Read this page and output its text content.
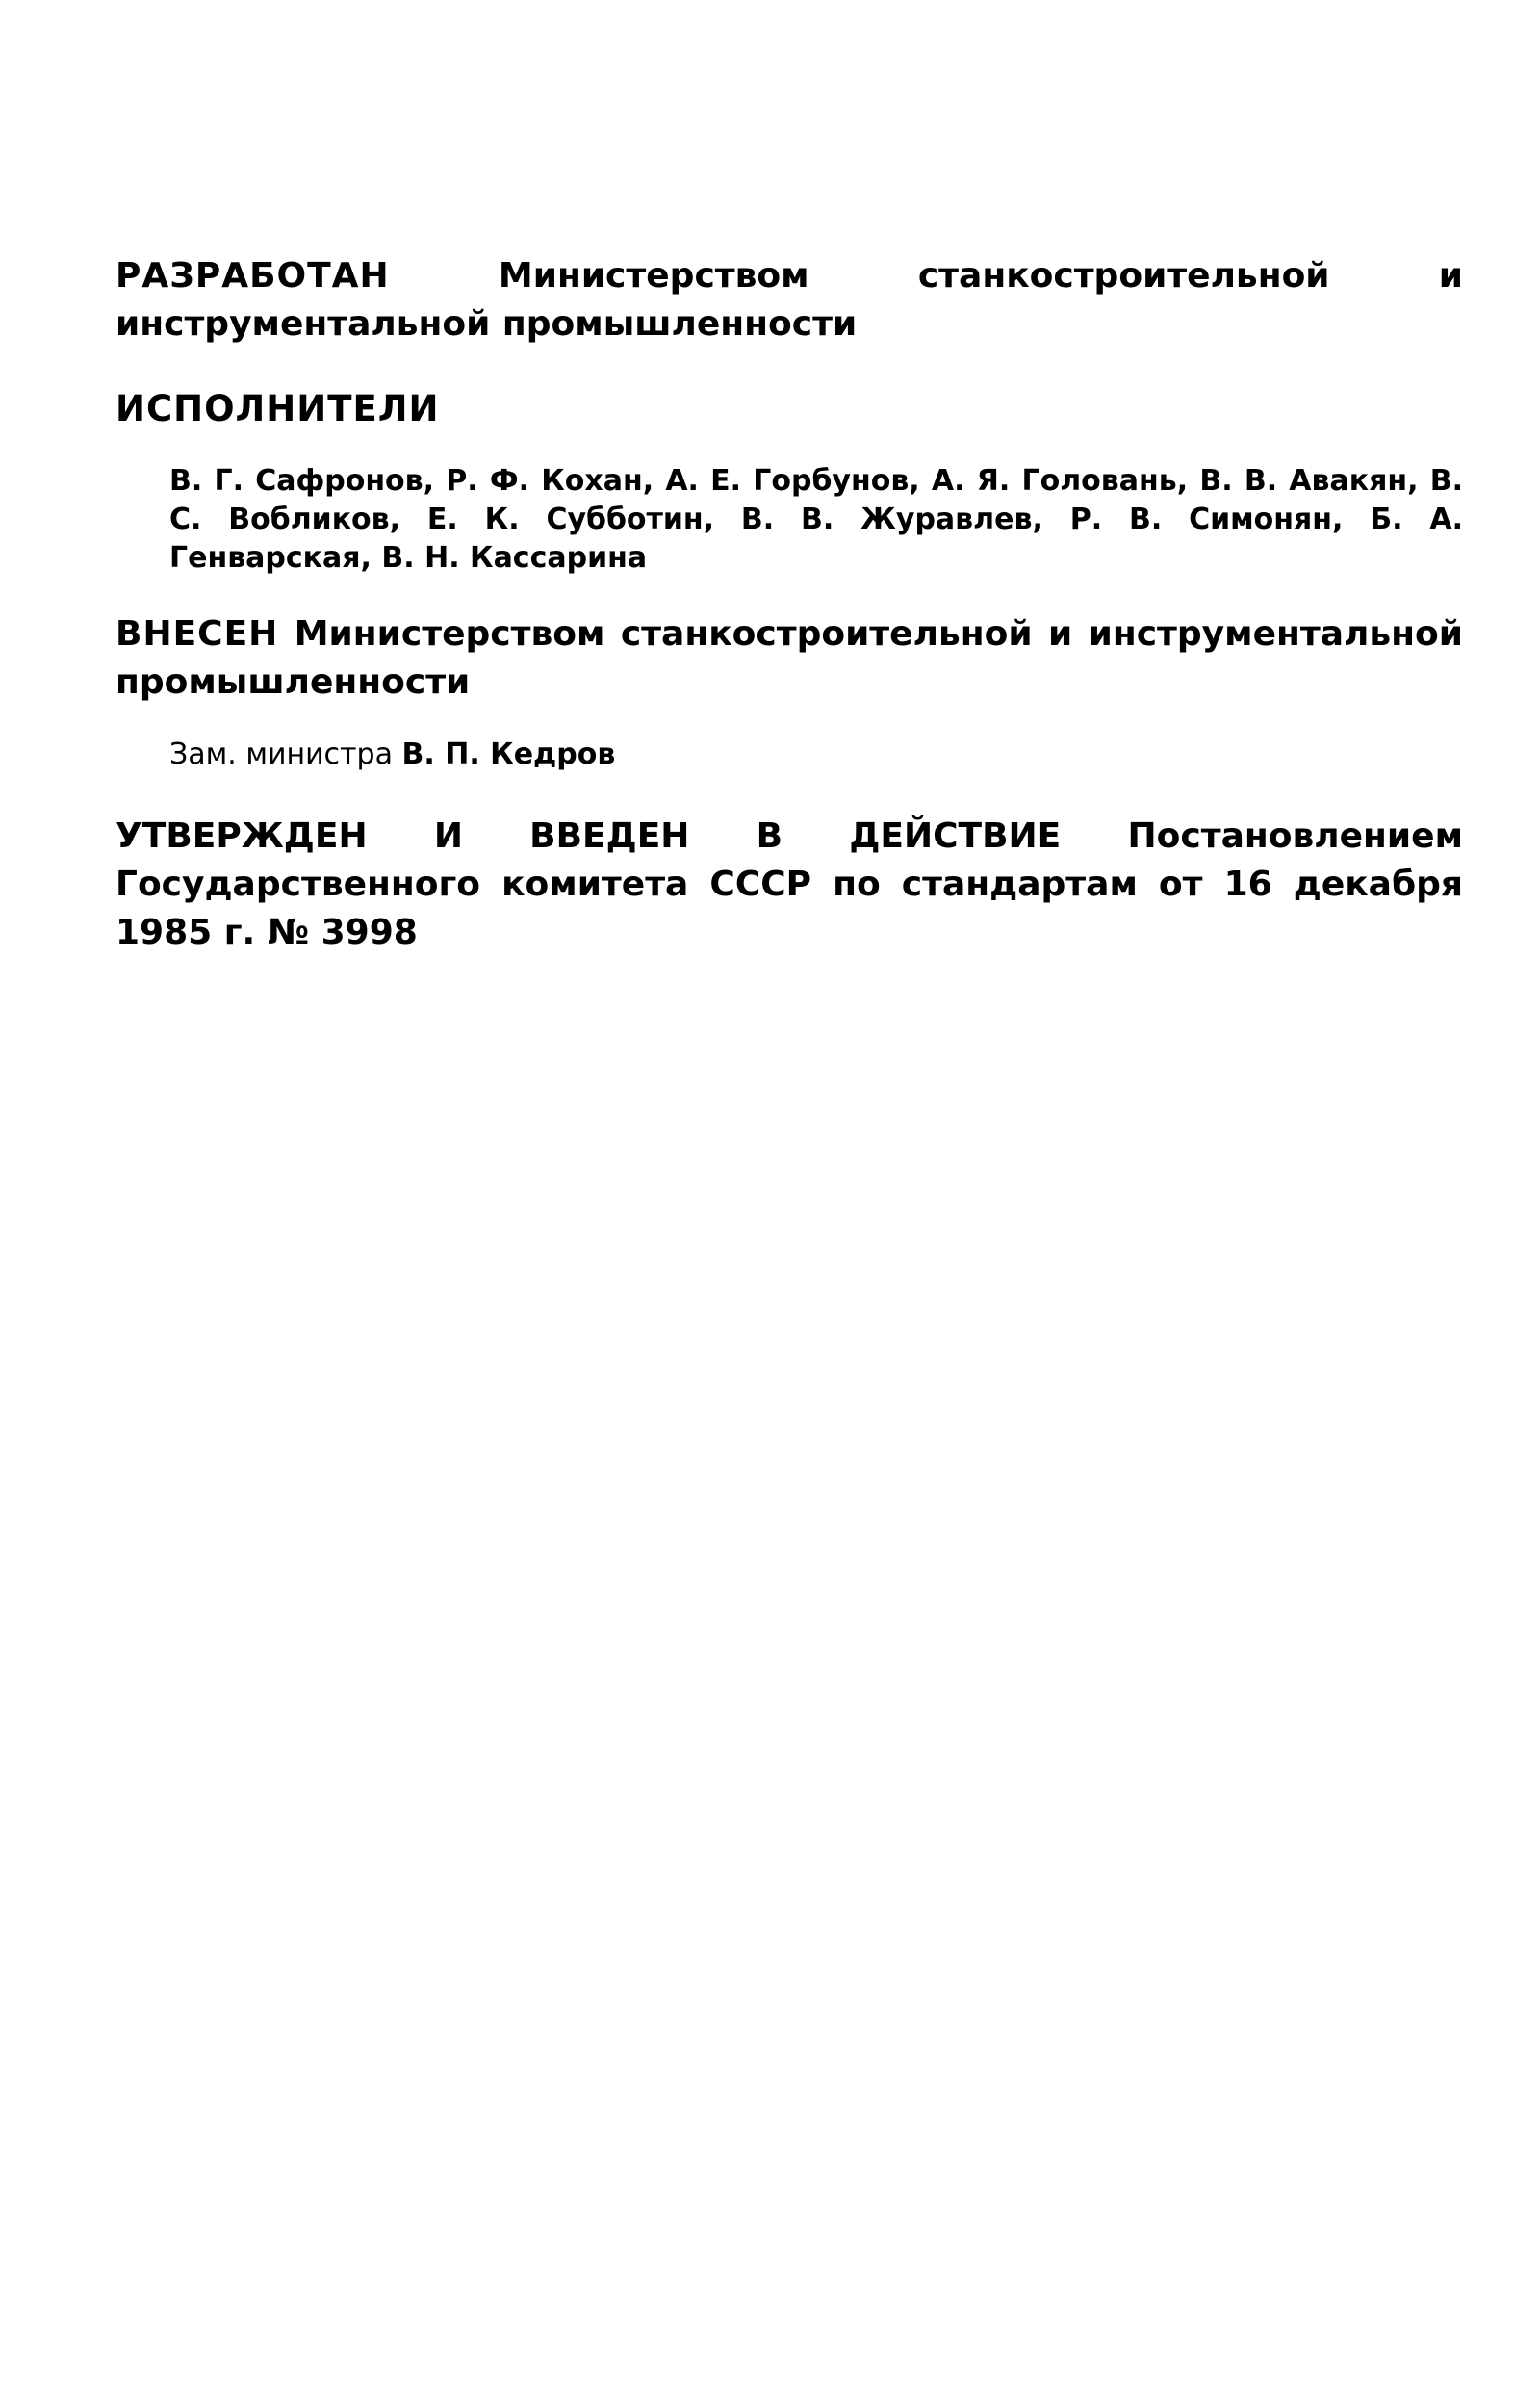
РАЗРАБОТАН	Министерством станкостроительной и инструментальной промышленности

ИСПОЛНИТЕЛИ

В. Г. Сафронов, Р. Ф. Кохан, А. Е. Горбунов, А. Я. Головань, В. В. Авакян, В. С. Вобликов, Е. К. Субботин, В. В. Журавлев, Р. В. Симонян, Б. А. Генварская, В. Н. Кассарина

ВНЕСЕН Министерством станкостроительной и инструментальной промышленности

Зам. министра В. П. Кедров

УТВЕРЖДЕН И ВВЕДЕН В ДЕЙСТВИЕ Постановлением Государственного комитета СССР по стандартам от 16 декабря 1985 г. № 3998
